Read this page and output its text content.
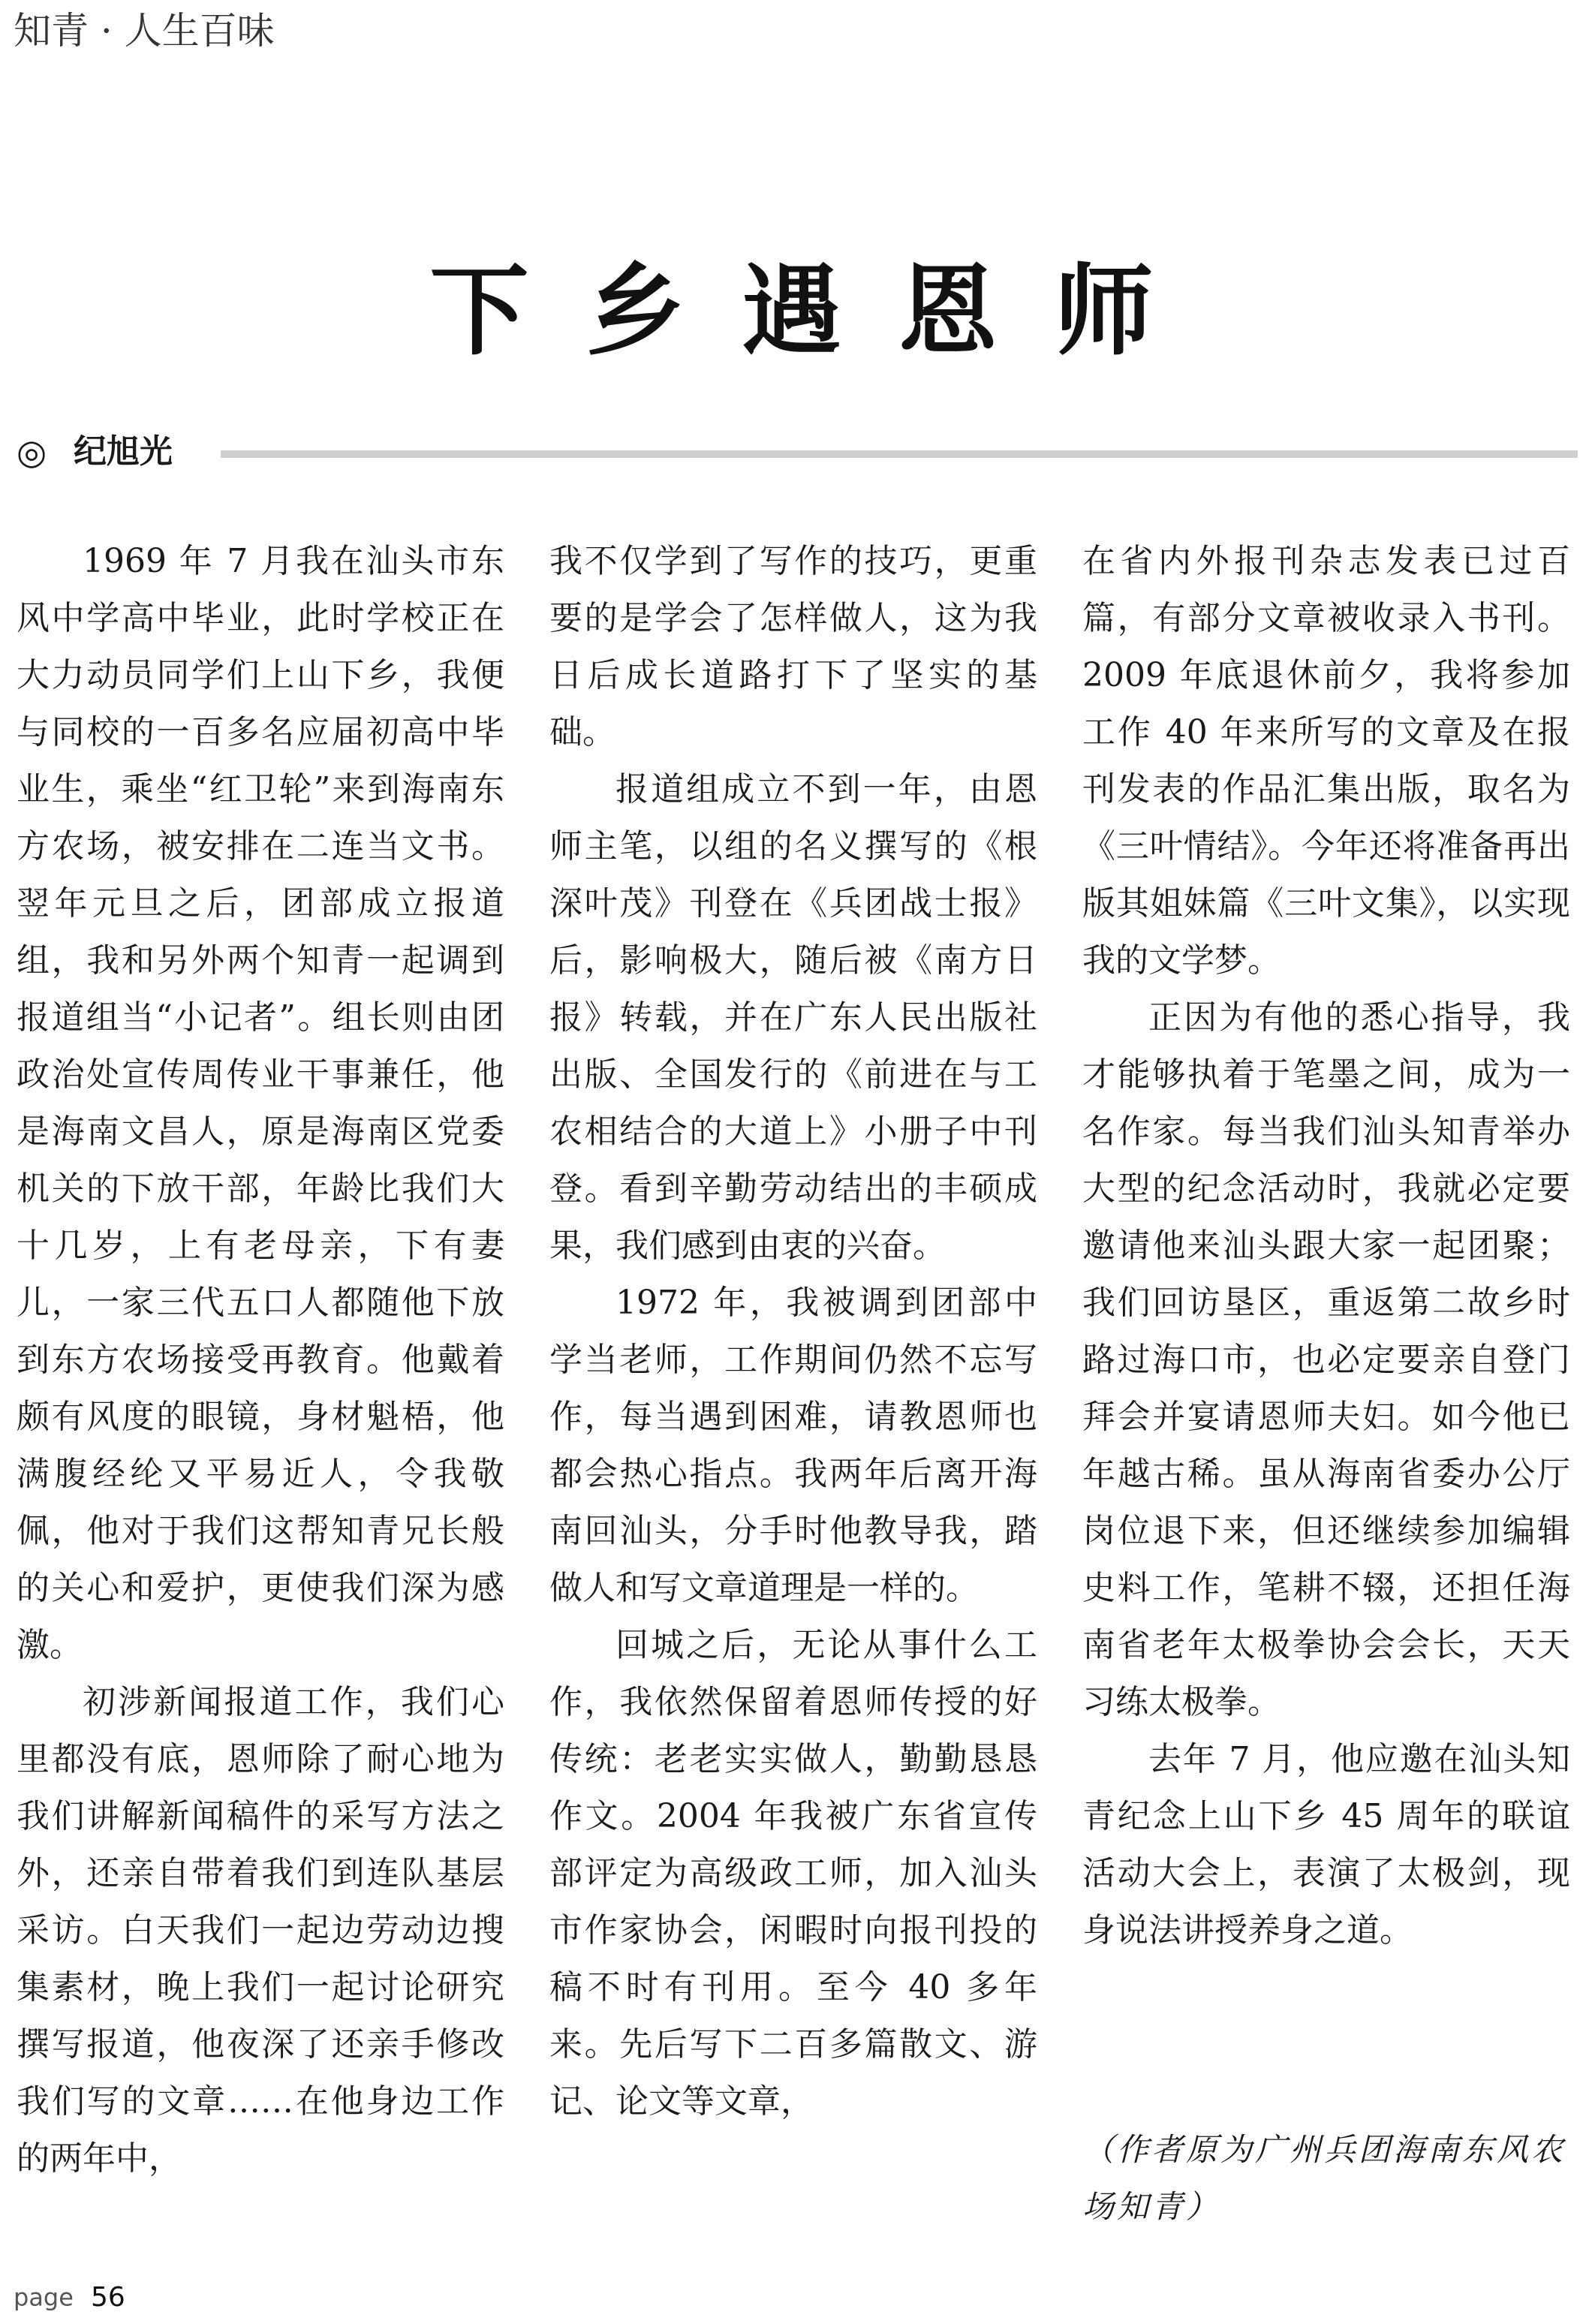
知青 · 人生百味
下乡遇恩师
◎ 纪旭光

1969 年 7 月我在汕头市东风中学高中毕业，此时学校正在大力动员同学们上山下乡，我便与同校的一百多名应届初高中毕业生，乘坐“红卫轮”来到海南东方农场，被安排在二连当文书。翌年元旦之后，团部成立报道组，我和另外两个知青一起调到报道组当“小记者”。组长则由团政治处宣传周传业干事兼任，他是海南文昌人，原是海南区党委机关的下放干部，年龄比我们大十几岁，上有老母亲，下有妻儿，一家三代五口人都随他下放到东方农场接受再教育。他戴着颇有风度的眼镜，身材魁梧，他满腹经纶又平易近人，令我敬佩，他对于我们这帮知青兄长般的关心和爱护，更使我们深为感激。

初涉新闻报道工作，我们心里都没有底，恩师除了耐心地为我们讲解新闻稿件的采写方法之外，还亲自带着我们到连队基层采访。白天我们一起边劳动边搜集素材，晚上我们一起讨论研究撰写报道，他夜深了还亲手修改我们写的文章……在他身边工作的两年中，

我不仅学到了写作的技巧，更重要的是学会了怎样做人，这为我日后成长道路打下了坚实的基础。

报道组成立不到一年，由恩师主笔，以组的名义撰写的《根深叶茂》刊登在《兵团战士报》后，影响极大，随后被《南方日报》转载，并在广东人民出版社出版、全国发行的《前进在与工农相结合的大道上》小册子中刊登。看到辛勤劳动结出的丰硕成果，我们感到由衷的兴奋。

1972 年，我被调到团部中学当老师，工作期间仍然不忘写作，每当遇到困难，请教恩师也都会热心指点。我两年后离开海南回汕头，分手时他教导我，踏做人和写文章道理是一样的。

回城之后，无论从事什么工作，我依然保留着恩师传授的好传统：老老实实做人，勤勤恳恳作文。2004 年我被广东省宣传部评定为高级政工师，加入汕头市作家协会，闲暇时向报刊投的稿不时有刊用。至今 40 多年来。先后写下二百多篇散文、游记、论文等文章，

在省内外报刊杂志发表已过百篇，有部分文章被收录入书刊。2009 年底退休前夕，我将参加工作 40 年来所写的文章及在报刊发表的作品汇集出版，取名为《三叶情结》。今年还将准备再出版其姐妹篇《三叶文集》，以实现我的文学梦。

正因为有他的悉心指导，我才能够执着于笔墨之间，成为一名作家。每当我们汕头知青举办大型的纪念活动时，我就必定要邀请他来汕头跟大家一起团聚；我们回访垦区，重返第二故乡时路过海口市，也必定要亲自登门拜会并宴请恩师夫妇。如今他已年越古稀。虽从海南省委办公厅岗位退下来，但还继续参加编辑史料工作，笔耕不辍，还担任海南省老年太极拳协会会长，天天习练太极拳。

去年 7 月，他应邀在汕头知青纪念上山下乡 45 周年的联谊活动大会上，表演了太极剑，现身说法讲授养身之道。

（作者原为广州兵团海南东风农场知青）
page 56
